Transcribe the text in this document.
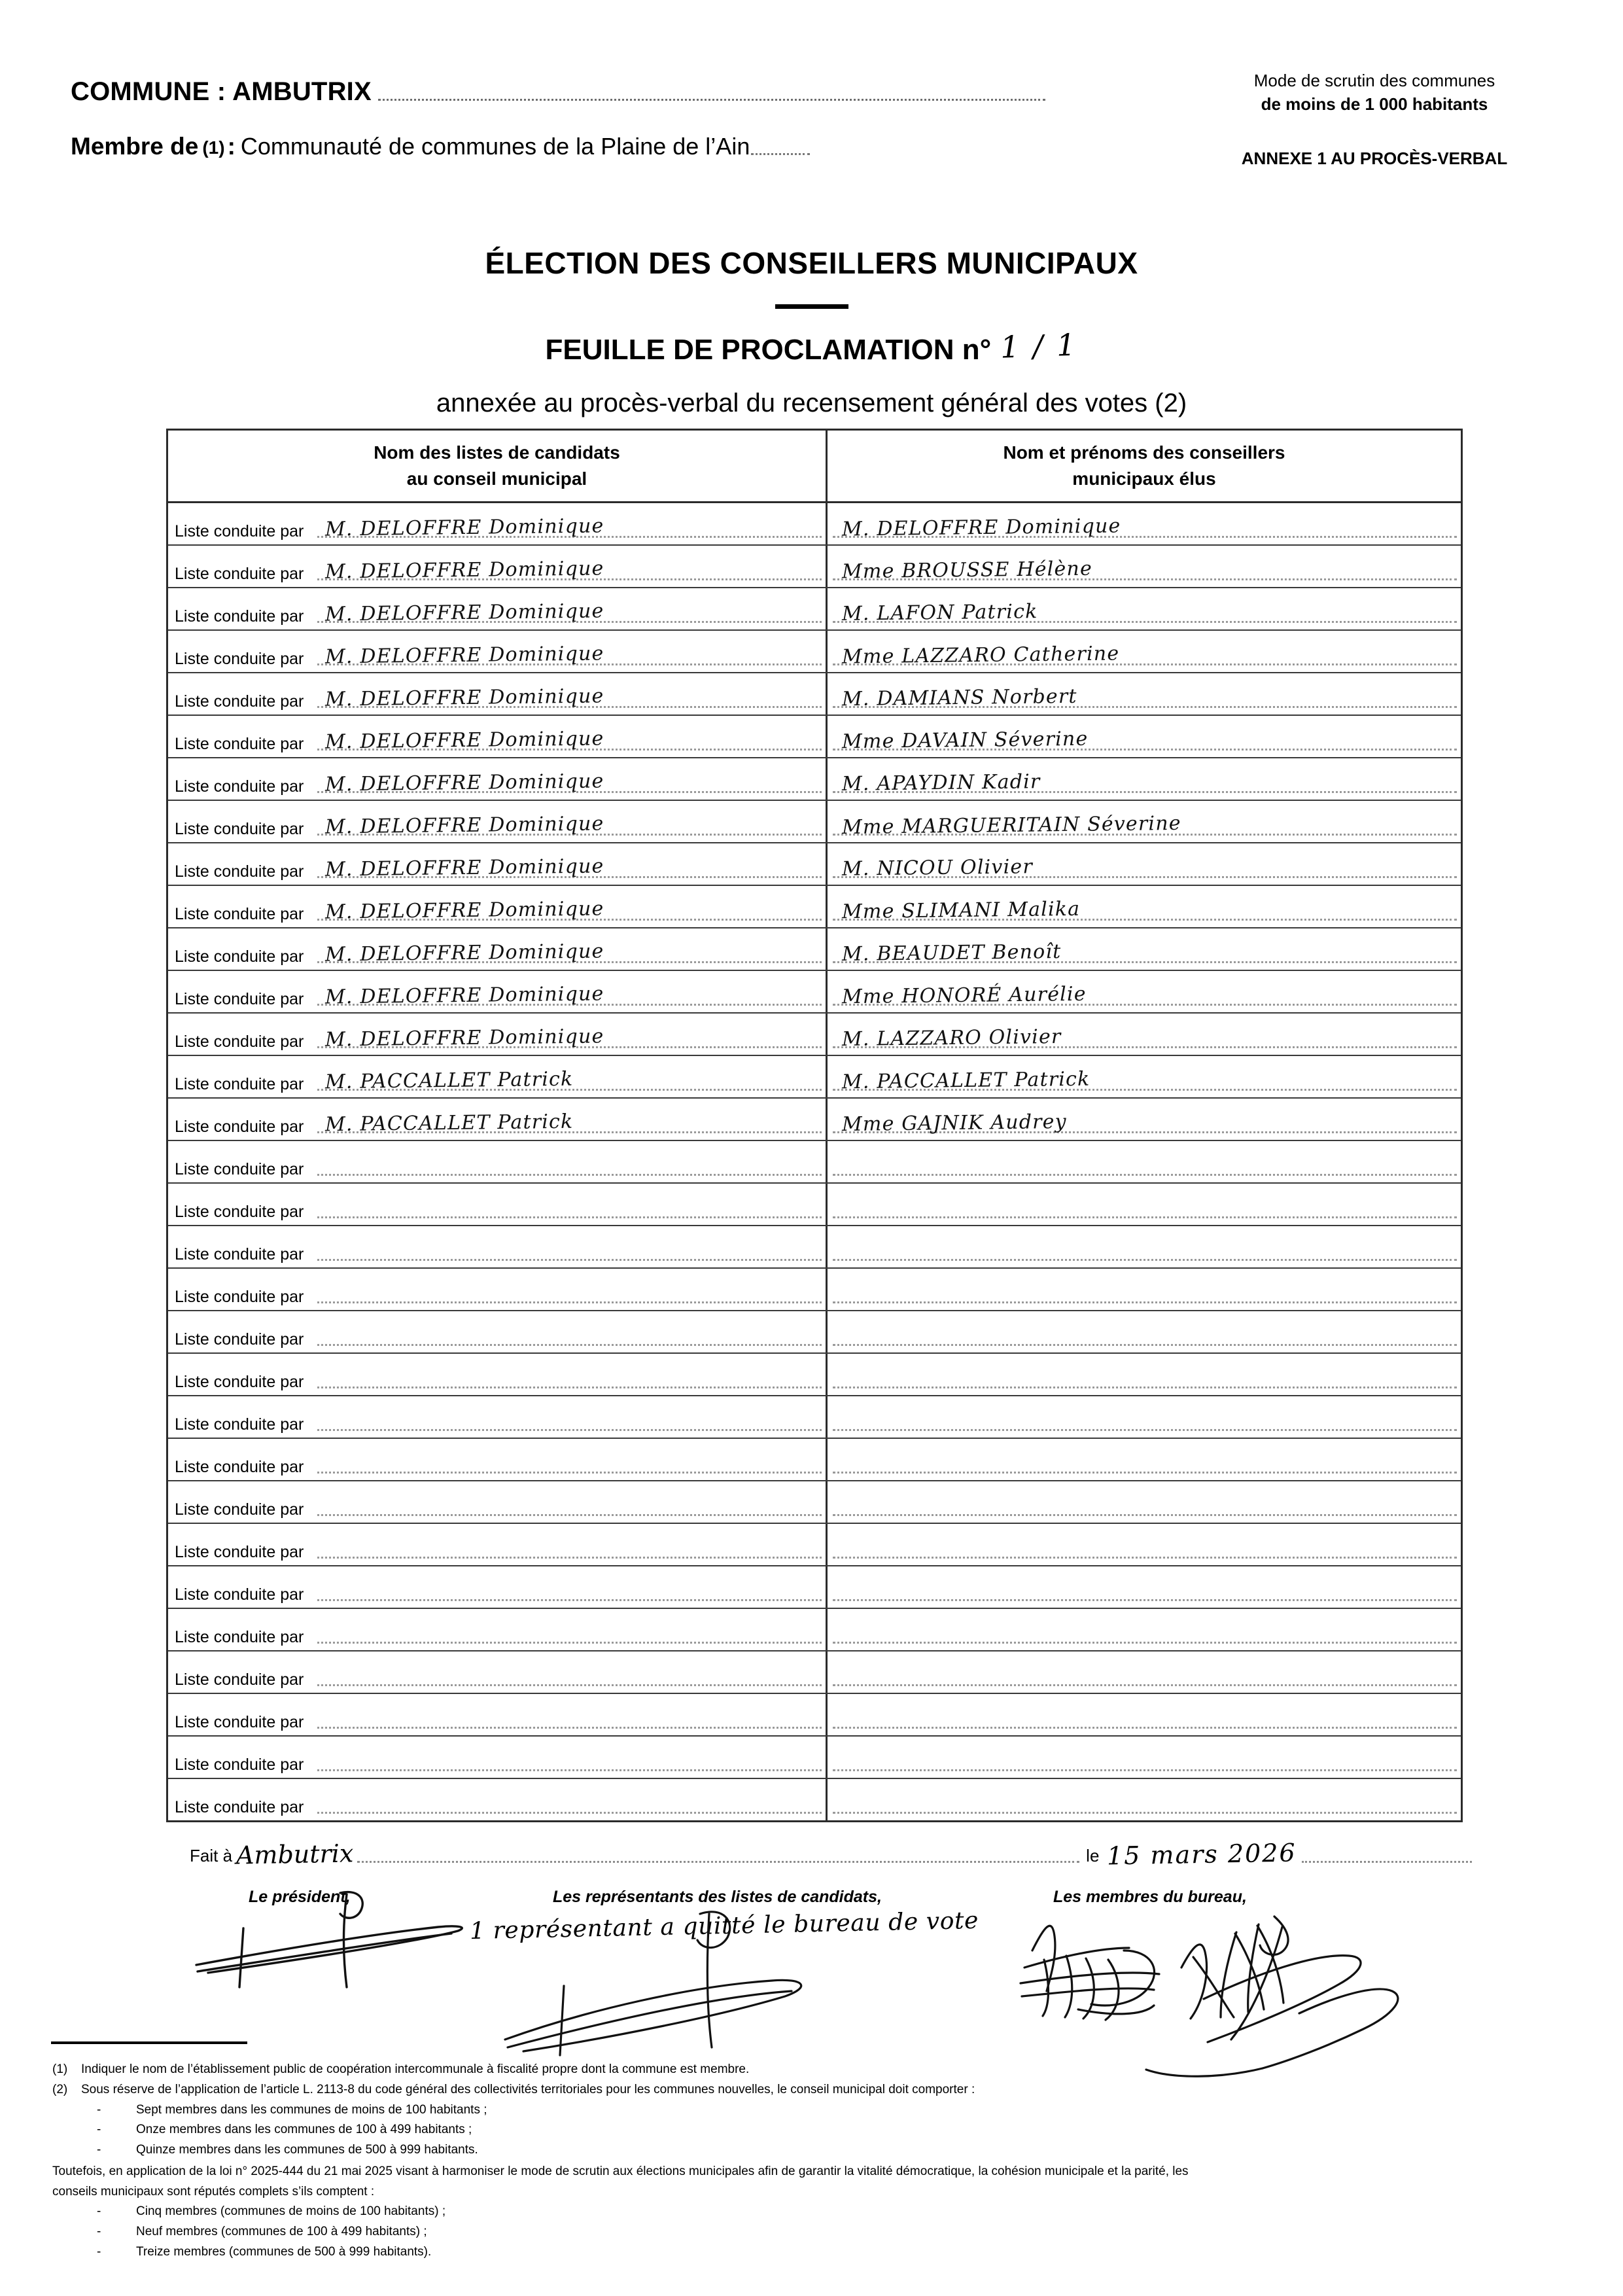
COMMUNE : AMBUTRIX
Membre de (1) : Communauté de communes de la Plaine de l’Ain
Mode de scrutin des communes
de moins de 1 000 habitants
ANNEXE 1 AU PROCÈS-VERBAL
ÉLECTION DES CONSEILLERS MUNICIPAUX
FEUILLE DE PROCLAMATION n° 1 / 1
annexée au procès-verbal du recensement général des votes (2)
Nom des listes de candidats
au conseil municipal
Nom et prénoms des conseillers
municipaux élus
Liste conduite par M. DELOFFRE Dominique	M. DELOFFRE Dominique
Liste conduite par M. DELOFFRE Dominique	Mme BROUSSE Hélène
Liste conduite par M. DELOFFRE Dominique	M. LAFON Patrick
Liste conduite par M. DELOFFRE Dominique	Mme LAZZARO Catherine
Liste conduite par M. DELOFFRE Dominique	M. DAMIANS Norbert
Liste conduite par M. DELOFFRE Dominique	Mme DAVAIN Séverine
Liste conduite par M. DELOFFRE Dominique	M. APAYDIN Kadir
Liste conduite par M. DELOFFRE Dominique	Mme MARGUERITAIN Séverine
Liste conduite par M. DELOFFRE Dominique	M. NICOU Olivier
Liste conduite par M. DELOFFRE Dominique	Mme SLIMANI Malika
Liste conduite par M. DELOFFRE Dominique	M. BEAUDET Benoît
Liste conduite par M. DELOFFRE Dominique	Mme HONORÉ Aurélie
Liste conduite par M. DELOFFRE Dominique	M. LAZZARO Olivier
Liste conduite par M. PACCALLET Patrick	M. PACCALLET Patrick
Liste conduite par M. PACCALLET Patrick	Mme GAJNIK Audrey
Liste conduite par
Liste conduite par
Liste conduite par
Liste conduite par
Liste conduite par
Liste conduite par
Liste conduite par
Liste conduite par
Liste conduite par
Liste conduite par
Liste conduite par
Liste conduite par
Liste conduite par
Liste conduite par
Liste conduite par
Liste conduite par
Fait à Ambutrix	le 15 mars 2026
Le président,	Les représentants des listes de candidats,	Les membres du bureau,
1 représentant a quitté le bureau de vote
(1)	Indiquer le nom de l’établissement public de coopération intercommunale à fiscalité propre dont la commune est membre.
(2)	Sous réserve de l’application de l’article L. 2113-8 du code général des collectivités territoriales pour les communes nouvelles, le conseil municipal doit comporter :
-	Sept membres dans les communes de moins de 100 habitants ;
-	Onze membres dans les communes de 100 à 499 habitants ;
-	Quinze membres dans les communes de 500 à 999 habitants.
Toutefois, en application de la loi n° 2025-444 du 21 mai 2025 visant à harmoniser le mode de scrutin aux élections municipales afin de garantir la vitalité démocratique, la cohésion municipale et la parité, les
conseils municipaux sont réputés complets s’ils comptent :
-	Cinq membres (communes de moins de 100 habitants) ;
-	Neuf membres (communes de 100 à 499 habitants) ;
-	Treize membres (communes de 500 à 999 habitants).
